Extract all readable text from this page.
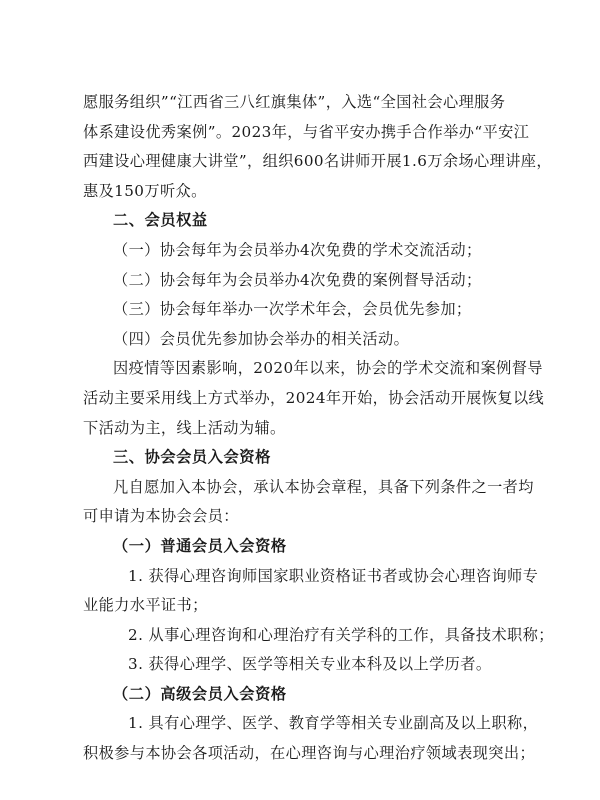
愿服务组织”“江西省三八红旗集体”，入选“全国社会心理服务
体系建设优秀案例”。2023年，与省平安办携手合作举办“平安江
西建设心理健康大讲堂”，组织600名讲师开展1.6万余场心理讲座，
惠及150万听众。
二、会员权益
（一）协会每年为会员举办4次免费的学术交流活动；
（二）协会每年为会员举办4次免费的案例督导活动；
（三）协会每年举办一次学术年会，会员优先参加；
（四）会员优先参加协会举办的相关活动。
因疫情等因素影响，2020年以来，协会的学术交流和案例督导
活动主要采用线上方式举办，2024年开始，协会活动开展恢复以线
下活动为主，线上活动为辅。
三、协会会员入会资格
凡自愿加入本协会，承认本协会章程，具备下列条件之一者均
可申请为本协会会员：
（一）普通会员入会资格
1. 获得心理咨询师国家职业资格证书者或协会心理咨询师专
业能力水平证书；
2. 从事心理咨询和心理治疗有关学科的工作，具备技术职称；
3. 获得心理学、医学等相关专业本科及以上学历者。
（二）高级会员入会资格
1. 具有心理学、医学、教育学等相关专业副高及以上职称，
积极参与本协会各项活动，在心理咨询与心理治疗领域表现突出；
